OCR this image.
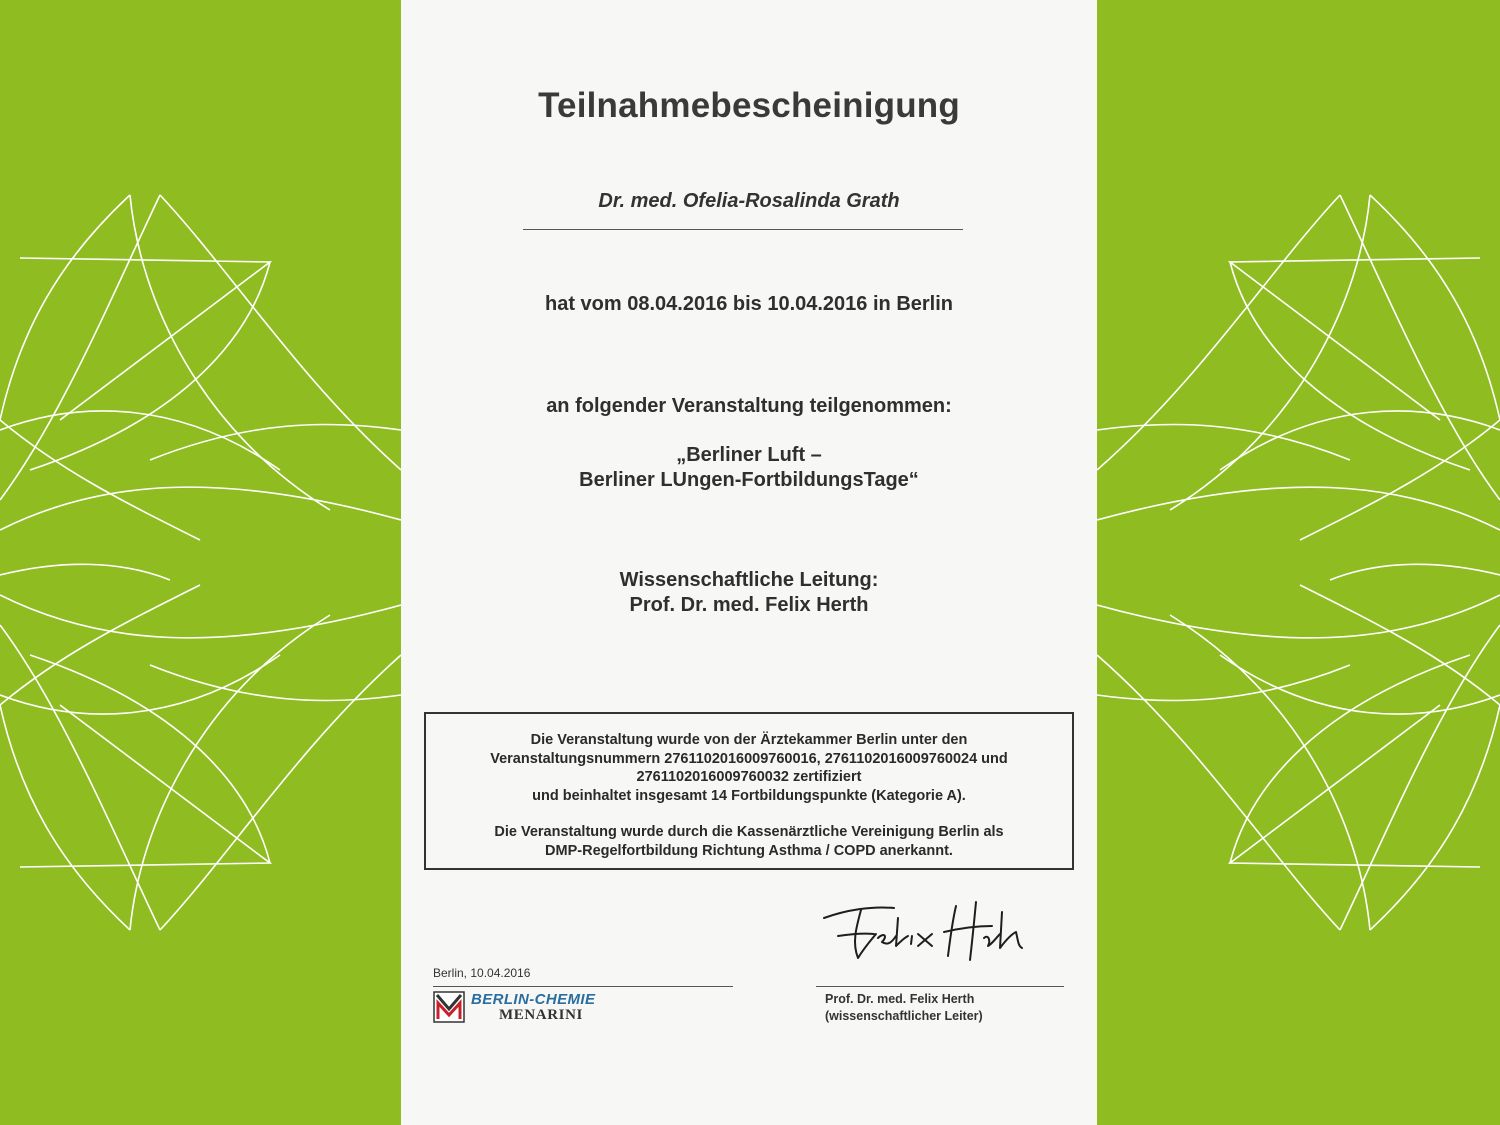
Teilnahmebescheinigung
Dr. med. Ofelia-Rosalinda Grath
hat vom 08.04.2016 bis 10.04.2016 in Berlin
an folgender Veranstaltung teilgenommen:
„Berliner Luft –
Berliner LUngen-FortbildungsTage“
Wissenschaftliche Leitung:
Prof. Dr. med. Felix Herth

Die Veranstaltung wurde von der Ärztekammer Berlin unter den

Veranstaltungsnummern 2761102016009760016, 2761102016009760024 und

2761102016009760032 zertifiziert

und beinhaltet insgesamt 14 Fortbildungspunkte (Kategorie A).

Die Veranstaltung wurde durch die Kassenärztliche Vereinigung Berlin als

DMP-Regelfortbildung Richtung Asthma / COPD anerkannt.

Berlin, 10.04.2016
BERLIN-CHEMIE
MENARINI
Prof. Dr. med. Felix Herth
(wissenschaftlicher Leiter)
